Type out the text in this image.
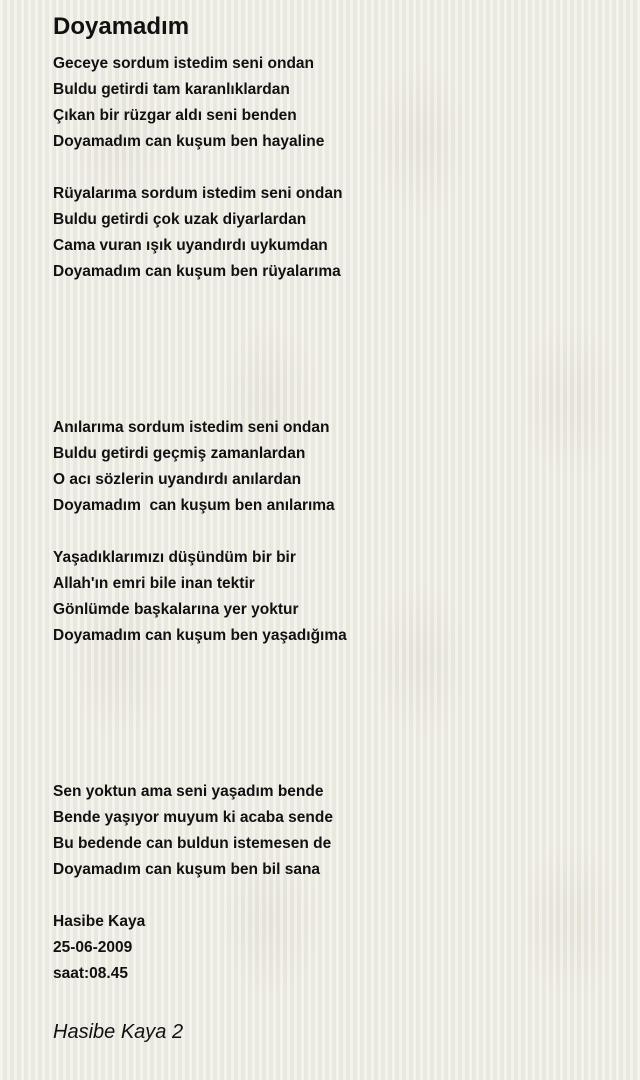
Doyamadım
Geceye sordum istedim seni ondan
Buldu getirdi tam karanlıklardan
Çıkan bir rüzgar aldı seni benden
Doyamadım can kuşum ben hayaline
Rüyalarıma sordum istedim seni ondan
Buldu getirdi çok uzak diyarlardan
Cama vuran ışık uyandırdı uykumdan
Doyamadım can kuşum ben rüyalarıma
Anılarıma sordum istedim seni ondan
Buldu getirdi geçmiş zamanlardan
O acı sözlerin uyandırdı anılardan
Doyamadım  can kuşum ben anılarıma
Yaşadıklarımızı düşündüm bir bir
Allah'ın emri bile inan tektir
Gönlümde başkalarına yer yoktur
Doyamadım can kuşum ben yaşadığıma
Sen yoktun ama seni yaşadım bende
Bende yaşıyor muyum ki acaba sende
Bu bedende can buldun istemesen de
Doyamadım can kuşum ben bil sana
Hasibe Kaya
25-06-2009
saat:08.45
Hasibe Kaya 2
